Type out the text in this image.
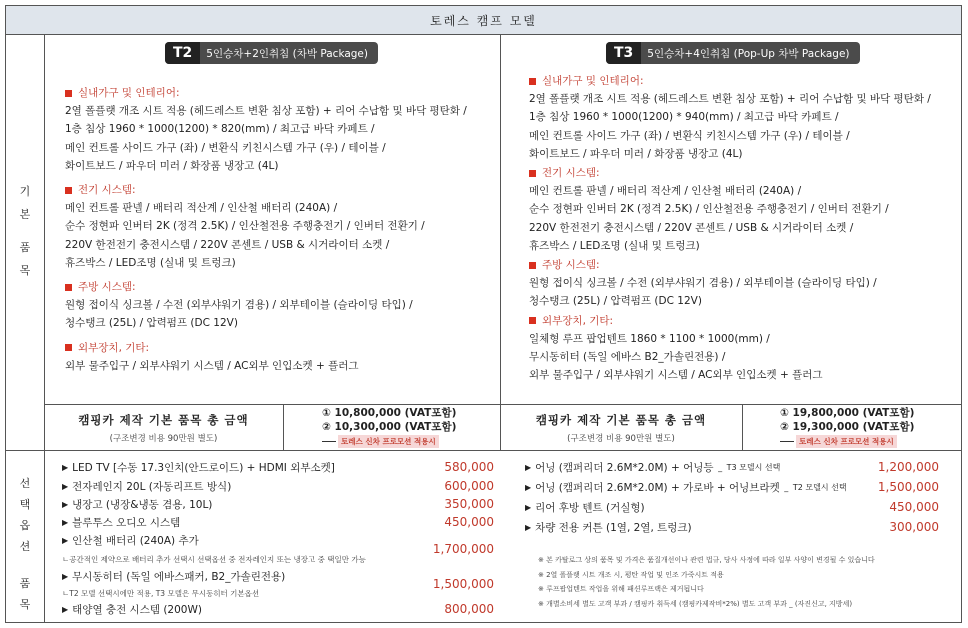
토레스 캠프 모델
기
본
품
목
선
택
옵
션
품
목
T2	5인승차+2인취침 (차박 Package)	T3	5인승차+4인취침 (Pop-Up 차박 Package)
실내가구 및 인테리어:
2열 폴플랫 개조 시트 적용 (헤드레스트 변환 침상 포함) + 리어 수납함 및 바닥 평탄화 /
1층 침상 1960 * 1000(1200) * 820(mm) / 최고급 바닥 카페트 /
메인 컨트롤 사이드 가구 (좌) / 변환식 키친시스템 가구 (우) / 테이블 /
화이트보드 / 파우더 미러 / 화장품 냉장고 (4L)
전기 시스템:
메인 컨트롤 판넬 / 배터리 적산계 / 인산철 배터리 (240A) /
순수 정현파 인버터 2K (정격 2.5K) / 인산철전용 주행충전기 / 인버터 전환기 /
220V 한전전기 충전시스템 / 220V 콘센트 / USB & 시거라이터 소켓 /
휴즈박스 / LED조명 (실내 및 트렁크)
주방 시스템:
원형 접이식 싱크볼 / 수전 (외부샤워기 겸용) / 외부테이블 (슬라이딩 타입) /
청수탱크 (25L) / 압력펌프 (DC 12V)
외부장치, 기타:
외부 물주입구 / 외부샤워기 시스템 / AC외부 인입소켓 + 플러그
실내가구 및 인테리어:
2열 폴플랫 개조 시트 적용 (헤드레스트 변환 침상 포함) + 리어 수납함 및 바닥 평탄화 /
1층 침상 1960 * 1000(1200) * 940(mm) / 최고급 바닥 카페트 /
메인 컨트롤 사이드 가구 (좌) / 변환식 키친시스템 가구 (우) / 테이블 /
화이트보드 / 파우더 미러 / 화장품 냉장고 (4L)
전기 시스템:
메인 컨트롤 판넬 / 배터리 적산계 / 인산철 배터리 (240A) /
순수 정현파 인버터 2K (정격 2.5K) / 인산철전용 주행충전기 / 인버터 전환기 /
220V 한전전기 충전시스템 / 220V 콘센트 / USB & 시거라이터 소켓 /
휴즈박스 / LED조명 (실내 및 트렁크)
주방 시스템:
원형 접이식 싱크볼 / 수전 (외부샤워기 겸용) / 외부테이블 (슬라이딩 타입) /
청수탱크 (25L) / 압력펌프 (DC 12V)
외부장치, 기타:
일체형 루프 팝업텐트 1860 * 1100 * 1000(mm) /
무시동히터 (독일 에바스 B2_가솔린전용) /
외부 물주입구 / 외부샤워기 시스템 / AC외부 인입소켓 + 플러그
캠핑카 제작 기본 품목 총 금액
(구조변경 비용 90만원 별도)
① 10,800,000 (VAT포함)
② 10,300,000 (VAT포함)
토레스 신차 프로모션 적용시
캠핑카 제작 기본 품목 총 금액
(구조변경 비용 90만원 별도)
① 19,800,000 (VAT포함)
② 19,300,000 (VAT포함)
토레스 신차 프로모션 적용시
▶ LED TV [수동 17.3인치(안드로이드) + HDMI 외부소켓]	580,000
▶ 전자레인지 20L (자동리프트 방식)	600,000
▶ 냉장고 (냉장&냉동 겸용, 10L)	350,000
▶ 블루투스 오디오 시스템	450,000
▶ 인산철 배터리 (240A) 추가
ㄴ공간적인 제약으로 배터리 추가 선택시 선택옵션 중 전자레인지 또는 냉장고 중 택일만 가능
1,700,000
▶ 무시동히터 (독일 에바스패커, B2_가솔린전용)
ㄴT2 모델 선택시에만 적용, T3 모델은 무시동히터 기본옵션
1,500,000
▶ 태양열 충전 시스템 (200W)	800,000
▶ 어닝 (캠퍼리더 2.6M*2.0M) + 어닝등 _ T3 모델시 선택	1,200,000
▶ 어닝 (캠퍼리더 2.6M*2.0M) + 가로바 + 어닝브라켓 _ T2 모델시 선택	1,500,000
▶ 리어 후방 텐트 (거실형)	450,000
▶ 차량 전용 커튼 (1열, 2열, 트렁크)	300,000
※ 본 카탈로그 상의 품목 및 가격은 품질개선이나 관련 법규, 당사 사정에 따라 일부 사양이 변경될 수 있습니다
※ 2열 폴플랫 시트 개조 시, 평탄 작업 및 인조 가죽시트 적용
※ 루프팝업텐트 작업을 위해 패션루프랙은 제거됩니다
※ 개별소비세 별도 고객 부과 / 캠핑카 취득세 (캠핑카제작비*2%) 별도 고객 부과 _ (자진신고, 지방세)
